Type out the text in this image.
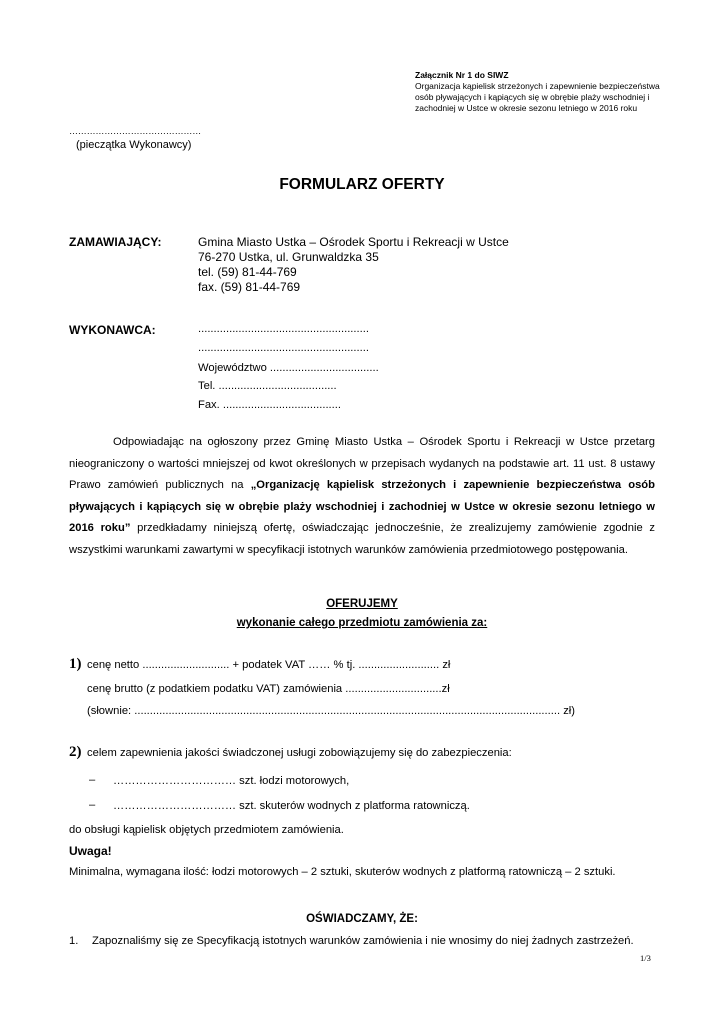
Załącznik Nr 1 do SIWZ
Organizacja kąpielisk strzeżonych i zapewnienie bezpieczeństwa
osób pływających i kąpiących się w obrębie plaży wschodniej i
zachodniej w Ustce w okresie sezonu letniego w 2016 roku
………………………………………
(pieczątka Wykonawcy)
FORMULARZ OFERTY
ZAMAWIAJĄCY:	Gmina Miasto Ustka – Ośrodek Sportu i Rekreacji w Ustce
76-270 Ustka, ul. Grunwaldzka 35
tel. (59) 81-44-769
fax. (59) 81-44-769
WYKONAWCA:	.......................................................
.......................................................
Województwo ...................................
Tel. ......................................
Fax. ......................................
Odpowiadając na ogłoszony przez Gminę Miasto Ustka – Ośrodek Sportu i Rekreacji w Ustce przetarg nieograniczony o wartości mniejszej od kwot określonych w przepisach wydanych na podstawie art. 11 ust. 8 ustawy Prawo zamówień publicznych na „Organizację kąpielisk strzeżonych i zapewnienie bezpieczeństwa osób pływających i kąpiących się w obrębie plaży wschodniej i zachodniej w Ustce w okresie sezonu letniego w 2016 roku” przedkładamy niniejszą ofertę, oświadczając jednocześnie, że zrealizujemy zamówienie zgodnie z wszystkimi warunkami zawartymi w specyfikacji istotnych warunków zamówienia przedmiotowego postępowania.
OFERUJEMY
wykonanie całego przedmiotu zamówienia za:
1) cenę netto ............................ + podatek VAT …… % tj. .......................... zł
cenę brutto (z podatkiem podatku VAT) zamówienia ...............................zł
(słownie: ......................................................................................................................................... zł)
2) celem zapewnienia jakości świadczonej usługi zobowiązujemy się do zabezpieczenia:
– …………………………… szt. łodzi motorowych,
– …………………………… szt. skuterów wodnych z platforma ratowniczą.
do obsługi kąpielisk objętych przedmiotem zamówienia.
Uwaga!
Minimalna, wymagana ilość: łodzi motorowych – 2 sztuki, skuterów wodnych z platformą ratowniczą – 2 sztuki.
OŚWIADCZAMY, ŻE:
1. Zapoznaliśmy się ze Specyfikacją istotnych warunków zamówienia i nie wnosimy do niej żadnych zastrzeżeń.
1/3
